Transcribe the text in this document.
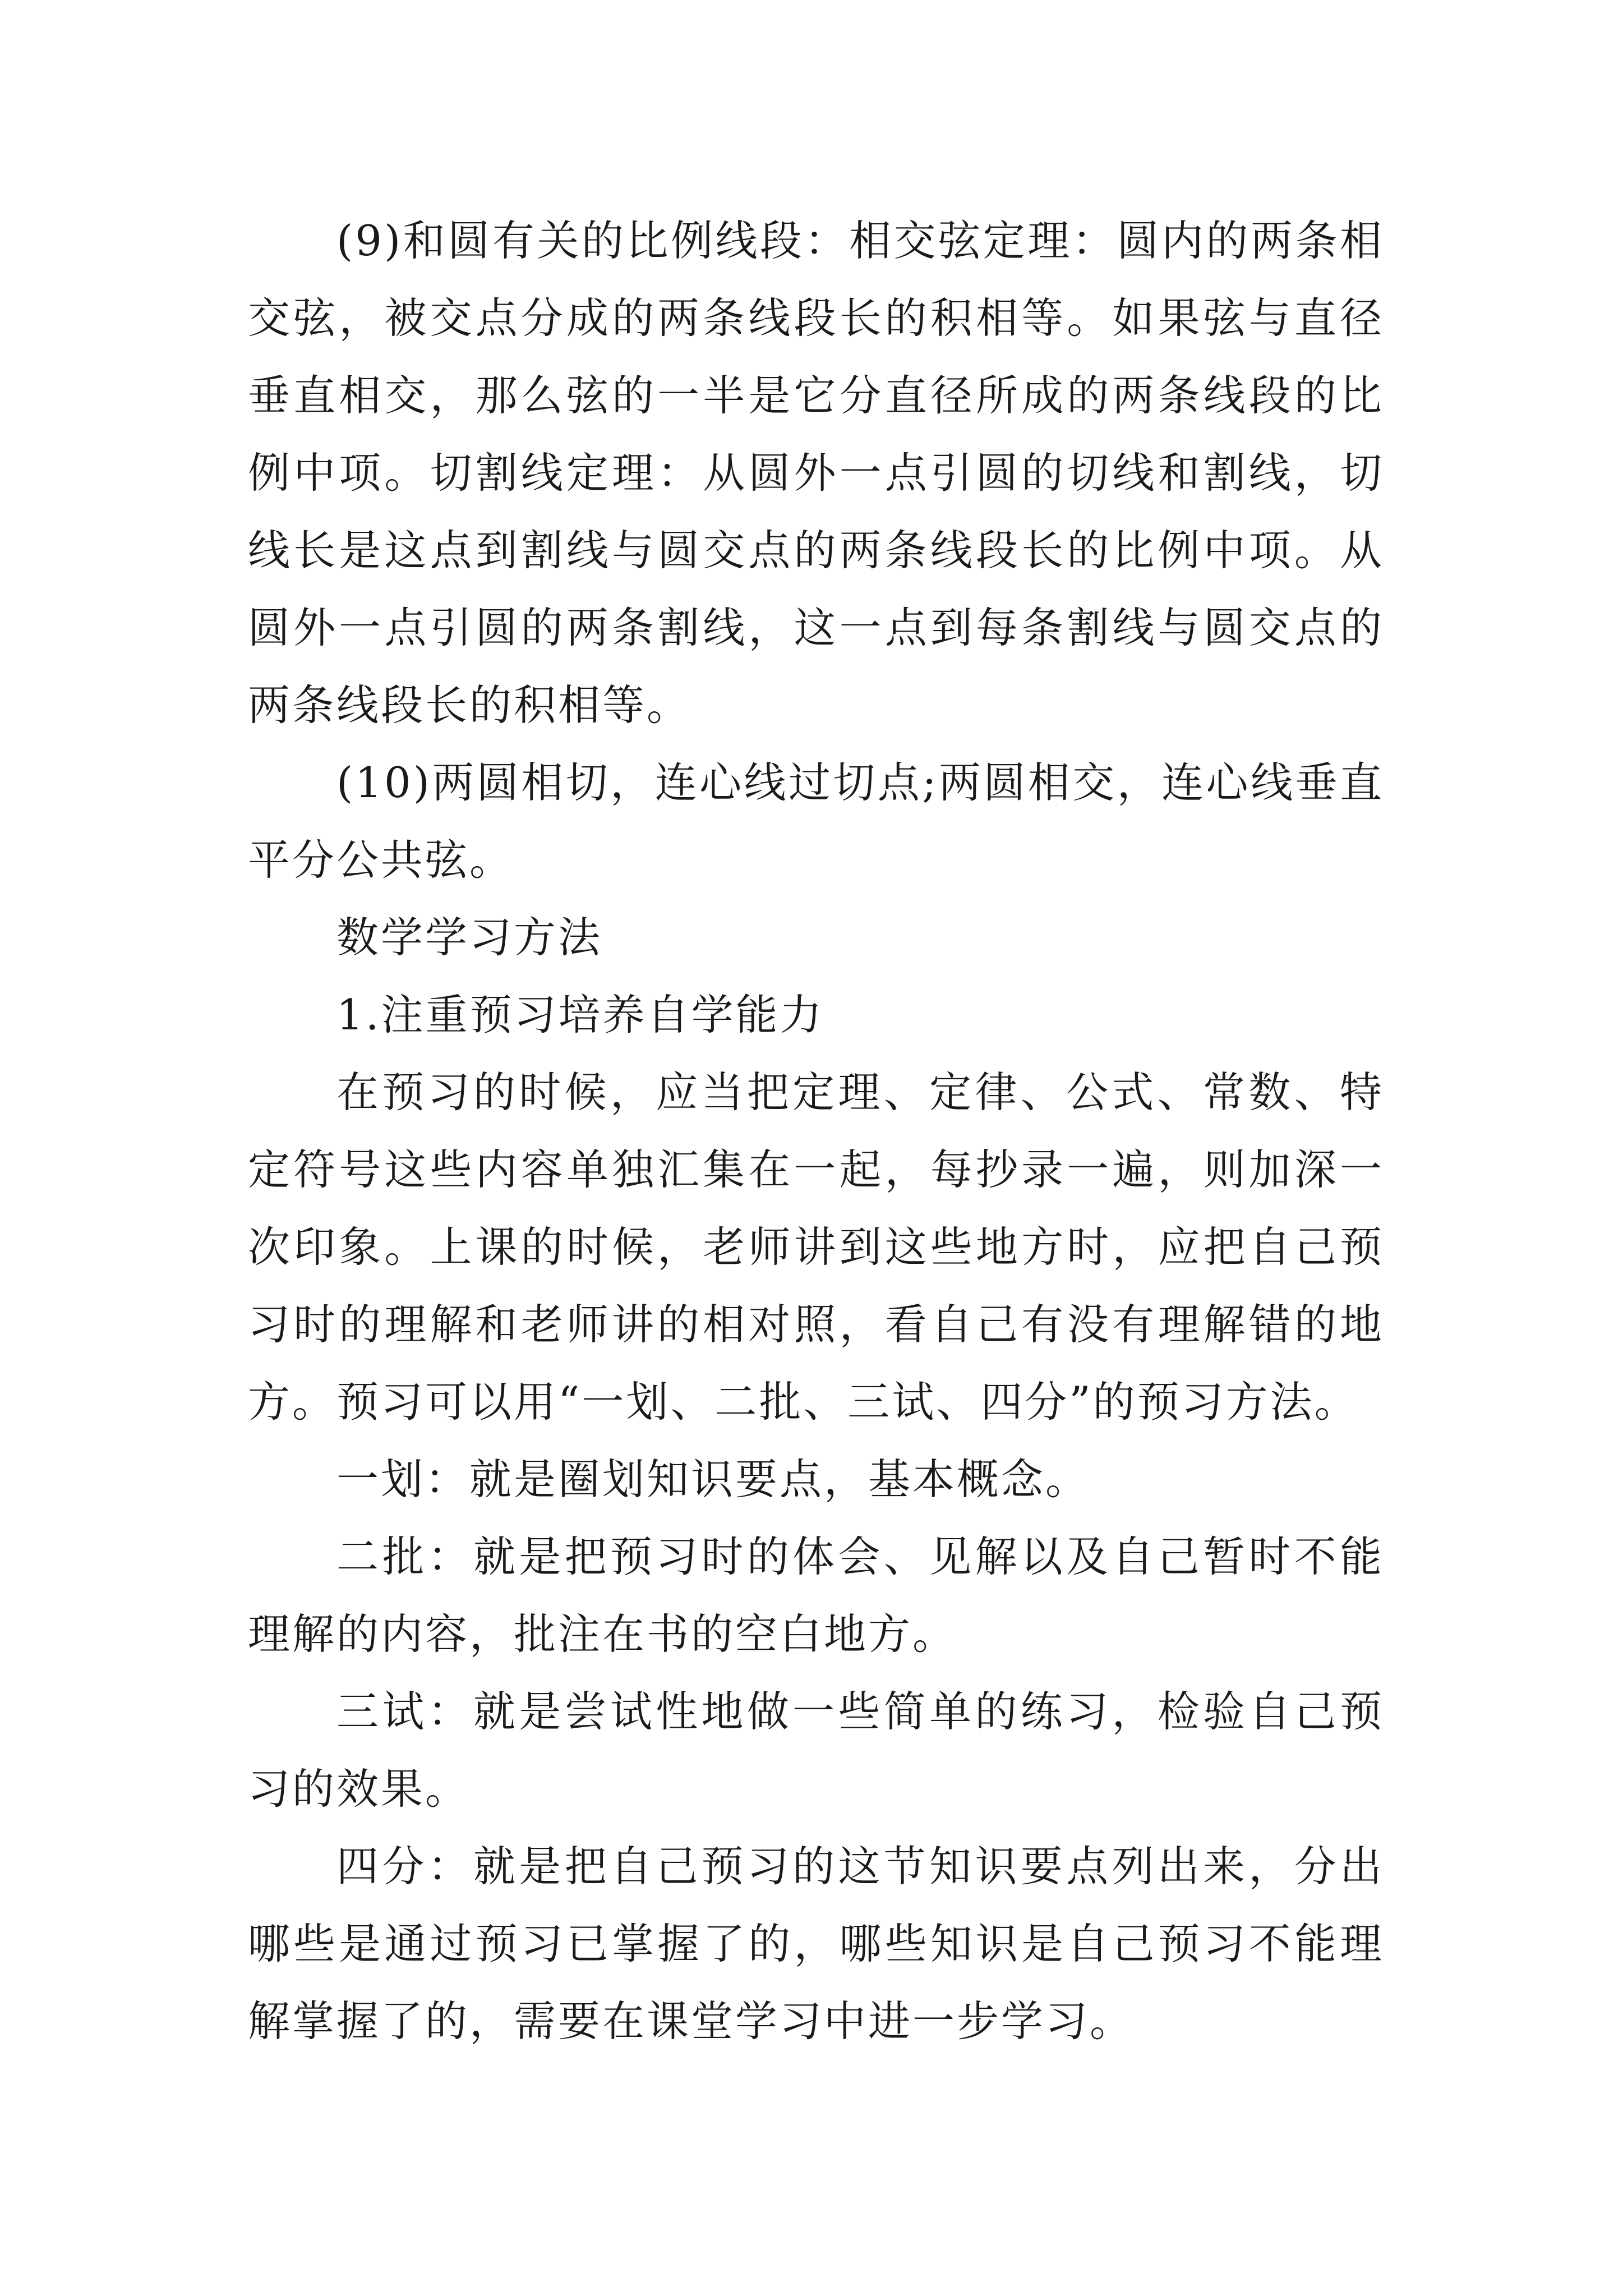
(9)和圆有关的比例线段：相交弦定理：圆内的两条相交弦，被交点分成的两条线段长的积相等。如果弦与直径垂直相交，那么弦的一半是它分直径所成的两条线段的比例中项。切割线定理：从圆外一点引圆的切线和割线，切线长是这点到割线与圆交点的两条线段长的比例中项。从圆外一点引圆的两条割线，这一点到每条割线与圆交点的两条线段长的积相等。

(10)两圆相切，连心线过切点;两圆相交，连心线垂直平分公共弦。

数学学习方法

1.注重预习培养自学能力

在预习的时候，应当把定理、定律、公式、常数、特定符号这些内容单独汇集在一起，每抄录一遍，则加深一次印象。上课的时候，老师讲到这些地方时，应把自己预习时的理解和老师讲的相对照，看自己有没有理解错的地方。预习可以用“一划、二批、三试、四分”的预习方法。

一划：就是圈划知识要点，基本概念。

二批：就是把预习时的体会、见解以及自己暂时不能理解的内容，批注在书的空白地方。

三试：就是尝试性地做一些简单的练习，检验自己预习的效果。

四分：就是把自己预习的这节知识要点列出来，分出哪些是通过预习已掌握了的，哪些知识是自己预习不能理解掌握了的，需要在课堂学习中进一步学习。
